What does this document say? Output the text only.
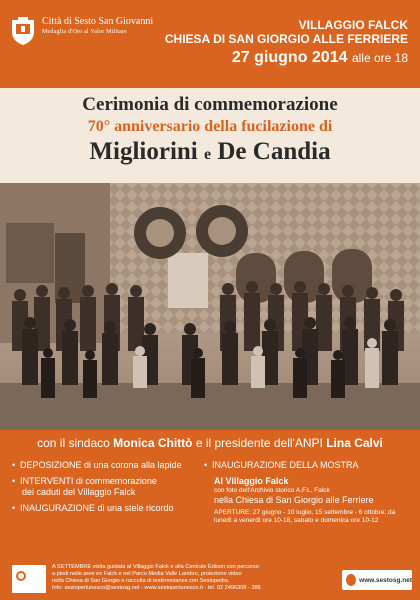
Città di Sesto San Giovanni
Medaglia d'Oro al Valor Militare	VILLAGGIO FALCK
CHIESA DI SAN GIORGIO ALLE FERRIERE
27 giugno 2014 alle ore 18
Cerimonia di commemorazione
70° anniversario della fucilazione di
Migliorini e De Candia
con il sindaco Monica Chittò e il presidente dell'ANPI Lina Calvi
• DEPOSIZIONE di una corona alla lapide
• INTERVENTI di commemorazione
dei caduti del Villaggio Falck
• INAUGURAZIONE di una stele ricordo
• INAUGURAZIONE DELLA MOSTRA
Al Villaggio Falck
con foto dell'Archivio storico A.F.L. Falck
nella Chiesa di San Giorgio alle Ferriere
APERTURE: 27 giugno - 10 luglio, 15 settembre - 6 ottobre; da lunedì a venerdì ore 10-18, sabato e domenica ore 10-12
A SETTEMBRE visita guidata al Villaggio Falck e alla Centrale Edison con percorso
a piedi nelle aree ex Falck e nel Parco Media Valle Lambro, proiezione video
nella Chiesa di San Giorgio e raccolta di testimonianze con Sestopedia.
Info: sestoperlunesco@sestosg.net - www.sestoperlunesco.it - tel. 02 2496309 - 386
www.sestosg.net
